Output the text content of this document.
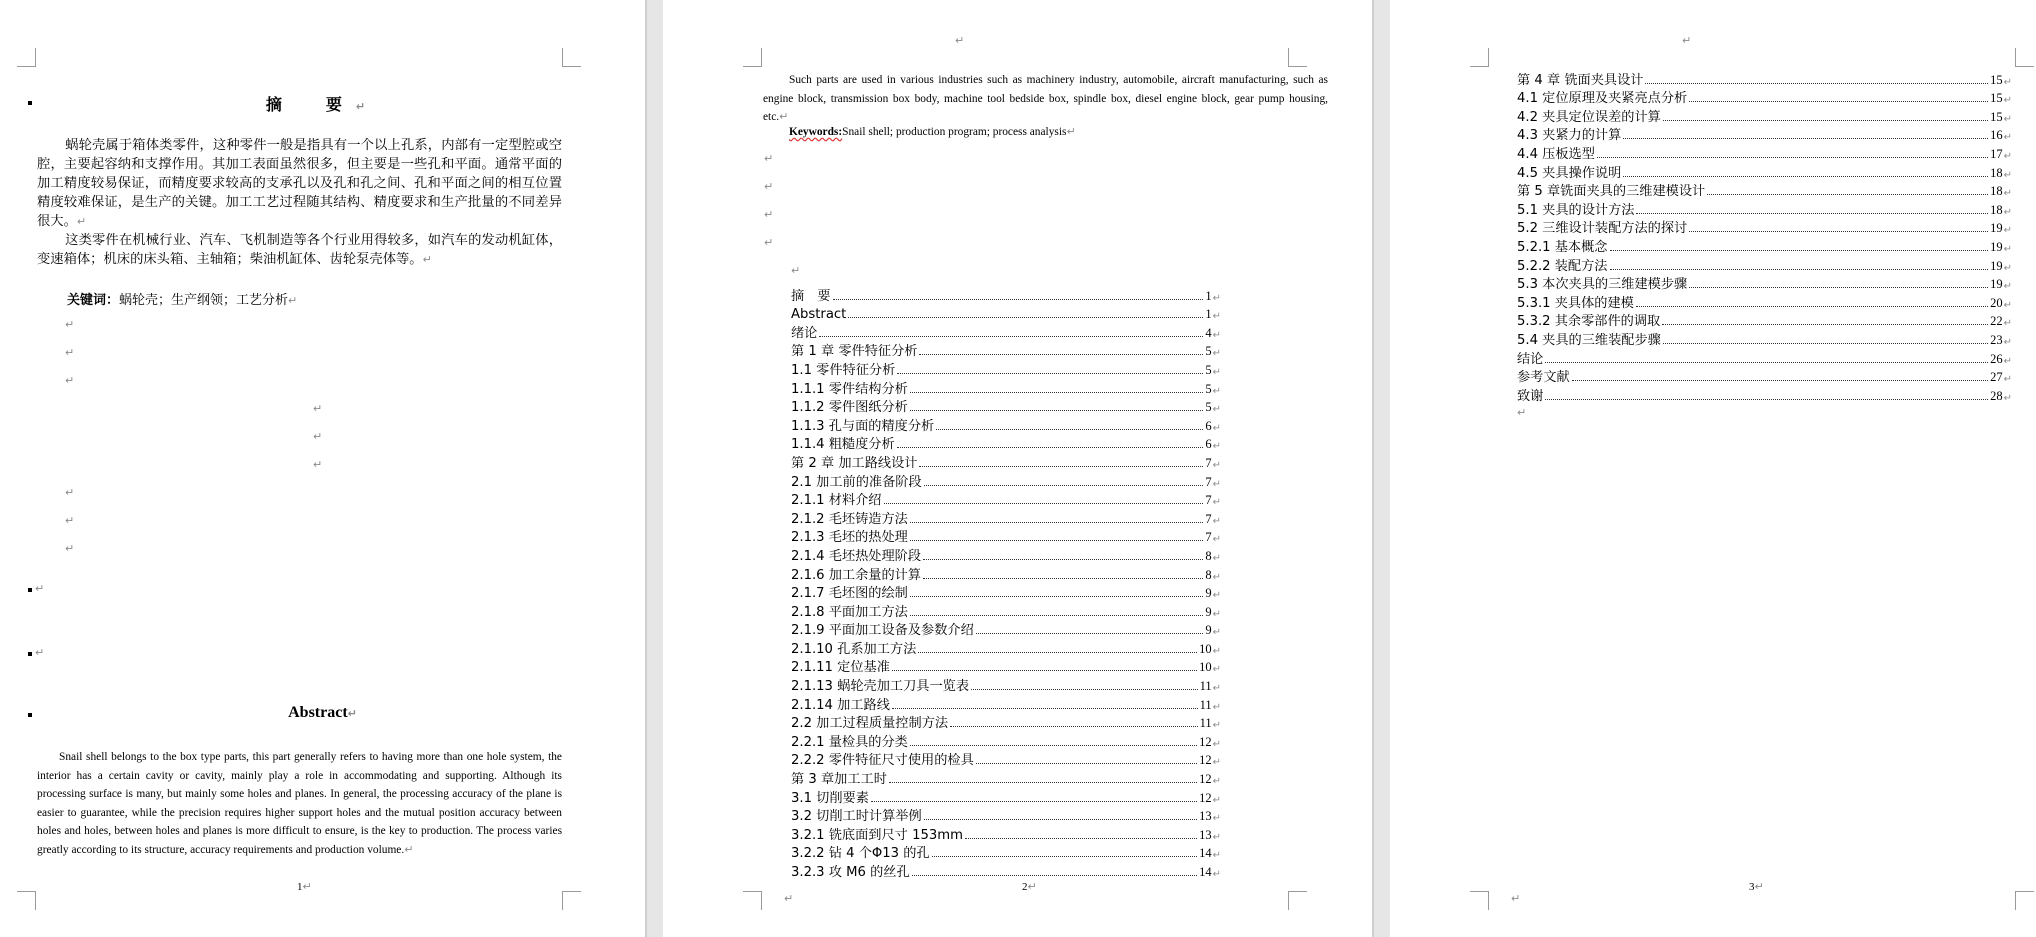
摘　要↵
蜗轮壳属于箱体类零件，这种零件一般是指具有一个以上孔系，内部有一定型腔或空腔，主要起容纳和支撑作用。其加工表面虽然很多，但主要是一些孔和平面。通常平面的加工精度较易保证，而精度要求较高的支承孔以及孔和孔之间、孔和平面之间的相互位置精度较难保证，是生产的关键。加工工艺过程随其结构、精度要求和生产批量的不同差异很大。↵
这类零件在机械行业、汽车、飞机制造等各个行业用得较多，如汽车的发动机缸体，变速箱体；机床的床头箱、主轴箱；柴油机缸体、齿轮泵壳体等。↵
关键词：蜗轮壳；生产纲领；工艺分析↵
↵
↵
↵
↵
↵
↵
↵
↵
↵
↵
↵
Abstract↵
Snail shell belongs to the box type parts, this part generally refers to having more than one hole system, the interior has a certain cavity or cavity, mainly play a role in accommodating and supporting. Although its processing surface is many, but mainly some holes and planes. In general, the processing accuracy of the plane is easier to guarantee, while the precision requires higher support holes and the mutual position accuracy between holes and holes, between holes and planes is more difficult to ensure, is the key to production. The process varies greatly according to its structure, accuracy requirements and production volume.↵
1↵
↵
Such parts are used in various industries such as machinery industry, automobile, aircraft manufacturing, such as engine block, transmission box body, machine tool bedside box, spindle box, diesel engine block, gear pump housing, etc.↵
Keywords:Snail shell; production program; process analysis↵
↵
↵
↵
↵
↵
摘　要	1 ↵
Abstract	1 ↵
绪论	4 ↵
第 1 章 零件特征分析	5 ↵
1.1 零件特征分析	5 ↵
1.1.1 零件结构分析	5 ↵
1.1.2 零件图纸分析	5 ↵
1.1.3 孔与面的精度分析	6 ↵
1.1.4 粗糙度分析	6 ↵
第 2 章 加工路线设计	7 ↵
2.1 加工前的准备阶段	7 ↵
2.1.1 材料介绍	7 ↵
2.1.2 毛坯铸造方法	7 ↵
2.1.3 毛坯的热处理	7 ↵
2.1.4 毛坯热处理阶段	8 ↵
2.1.6 加工余量的计算	8 ↵
2.1.7 毛坯图的绘制	9 ↵
2.1.8 平面加工方法	9 ↵
2.1.9 平面加工设备及参数介绍	9 ↵
2.1.10 孔系加工方法	10 ↵
2.1.11 定位基准	10 ↵
2.1.13 蜗轮壳加工刀具一览表	11 ↵
2.1.14 加工路线	11 ↵
2.2 加工过程质量控制方法	11 ↵
2.2.1 量检具的分类	12 ↵
2.2.2 零件特征尺寸使用的检具	12 ↵
第 3 章加工工时	12 ↵
3.1 切削要素	12 ↵
3.2 切削工时计算举例	13 ↵
3.2.1 铣底面到尺寸 153mm	13 ↵
3.2.2 钻 4 个Φ13 的孔	14 ↵
3.2.3 攻 M6 的丝孔	14 ↵
2↵
↵
↵
第 4 章 铣面夹具设计	15 ↵
4.1 定位原理及夹紧亮点分析	15 ↵
4.2 夹具定位误差的计算	15 ↵
4.3 夹紧力的计算	16 ↵
4.4 压板选型	17 ↵
4.5 夹具操作说明	18 ↵
第 5 章铣面夹具的三维建模设计	18 ↵
5.1 夹具的设计方法	18 ↵
5.2 三维设计装配方法的探讨	19 ↵
5.2.1 基本概念	19 ↵
5.2.2 装配方法	19 ↵
5.3 本次夹具的三维建模步骤	19 ↵
5.3.1 夹具体的建模	20 ↵
5.3.2 其余零部件的调取	22 ↵
5.4 夹具的三维装配步骤	23 ↵
结论	26 ↵
参考文献	27 ↵
致谢	28 ↵
↵
3↵
↵
